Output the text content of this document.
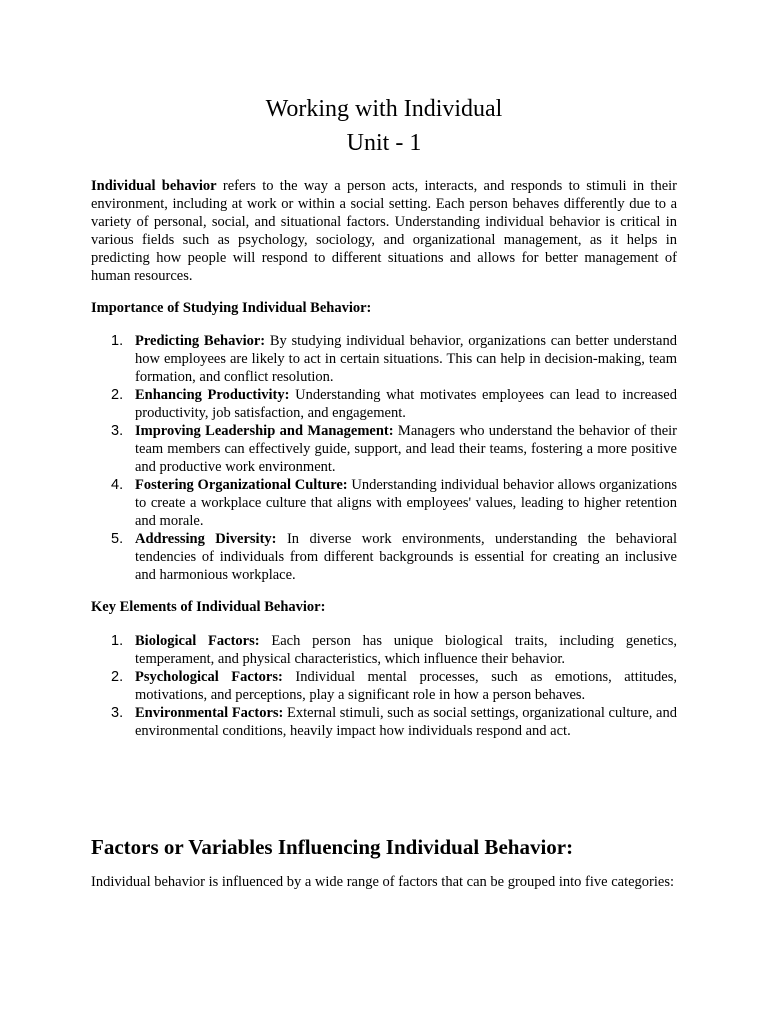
Working with Individual
Unit - 1

Individual behavior refers to the way a person acts, interacts, and responds to stimuli in their environment, including at work or within a social setting. Each person behaves differently due to a variety of personal, social, and situational factors. Understanding individual behavior is critical in various fields such as psychology, sociology, and organizational management, as it helps in predicting how people will respond to different situations and allows for better management of human resources.

Importance of Studying Individual Behavior:
1. Predicting Behavior: By studying individual behavior, organizations can better understand how employees are likely to act in certain situations. This can help in decision-making, team formation, and conflict resolution.
2. Enhancing Productivity: Understanding what motivates employees can lead to increased productivity, job satisfaction, and engagement.
3. Improving Leadership and Management: Managers who understand the behavior of their team members can effectively guide, support, and lead their teams, fostering a more positive and productive work environment.
4. Fostering Organizational Culture: Understanding individual behavior allows organizations to create a workplace culture that aligns with employees' values, leading to higher retention and morale.
5. Addressing Diversity: In diverse work environments, understanding the behavioral tendencies of individuals from different backgrounds is essential for creating an inclusive and harmonious workplace.
Key Elements of Individual Behavior:
1. Biological Factors: Each person has unique biological traits, including genetics, temperament, and physical characteristics, which influence their behavior.
2. Psychological Factors: Individual mental processes, such as emotions, attitudes, motivations, and perceptions, play a significant role in how a person behaves.
3. Environmental Factors: External stimuli, such as social settings, organizational culture, and environmental conditions, heavily impact how individuals respond and act.
Factors or Variables Influencing Individual Behavior:

Individual behavior is influenced by a wide range of factors that can be grouped into five categories:
